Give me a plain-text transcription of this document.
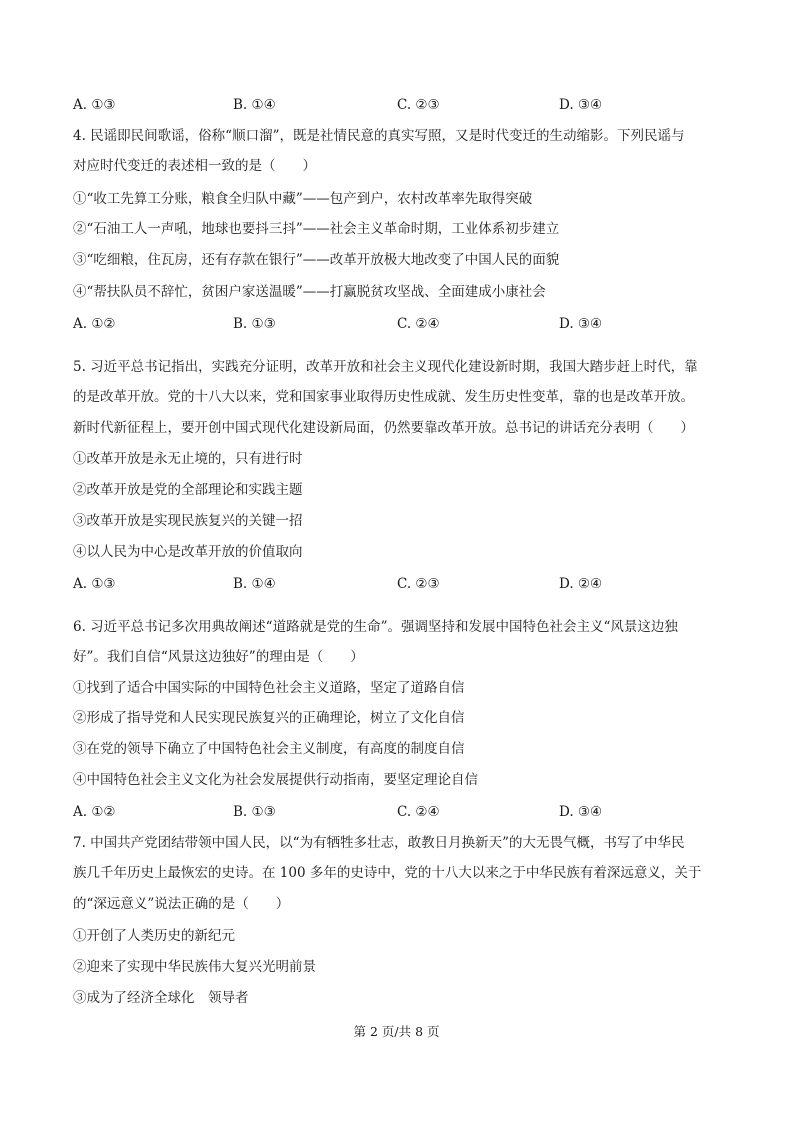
A. ①③	B. ①④	C. ②③	D. ③④
4. 民谣即民间歌谣，俗称“顺口溜”，既是社情民意的真实写照，又是时代变迁的生动缩影。下列民谣与
对应时代变迁的表述相一致的是（　　）
①“收工先算工分账，粮食全归队中藏”——包产到户，农村改革率先取得突破
②“石油工人一声吼，地球也要抖三抖”——社会主义革命时期，工业体系初步建立
③“吃细粮，住瓦房，还有存款在银行”——改革开放极大地改变了中国人民的面貌
④“帮扶队员不辞忙，贫困户家送温暖”——打赢脱贫攻坚战、全面建成小康社会
A. ①②	B. ①③	C. ②④	D. ③④
5. 习近平总书记指出，实践充分证明，改革开放和社会主义现代化建设新时期，我国大踏步赶上时代，靠
的是改革开放。党的十八大以来，党和国家事业取得历史性成就、发生历史性变革，靠的也是改革开放。
新时代新征程上，要开创中国式现代化建设新局面，仍然要靠改革开放。总书记的讲话充分表明（　　）
①改革开放是永无止境的，只有进行时
②改革开放是党的全部理论和实践主题
③改革开放是实现民族复兴的关键一招
④以人民为中心是改革开放的价值取向
A. ①③	B. ①④	C. ②③	D. ②④
6. 习近平总书记多次用典故阐述“道路就是党的生命”。强调坚持和发展中国特色社会主义“风景这边独
好”。我们自信“风景这边独好”的理由是（　　）
①找到了适合中国实际的中国特色社会主义道路，坚定了道路自信
②形成了指导党和人民实现民族复兴的正确理论，树立了文化自信
③在党的领导下确立了中国特色社会主义制度，有高度的制度自信
④中国特色社会主义文化为社会发展提供行动指南，要坚定理论自信
A. ①②	B. ①③	C. ②④	D. ③④
7. 中国共产党团结带领中国人民，以“为有牺牲多壮志，敢教日月换新天”的大无畏气概，书写了中华民
族几千年历史上最恢宏的史诗。在 100 多年的史诗中，党的十八大以来之于中华民族有着深远意义，关于
的“深远意义”说法正确的是（　　）
①开创了人类历史的新纪元
②迎来了实现中华民族伟大复兴光明前景
③成为了经济全球化　领导者
第 2 页/共 8 页
